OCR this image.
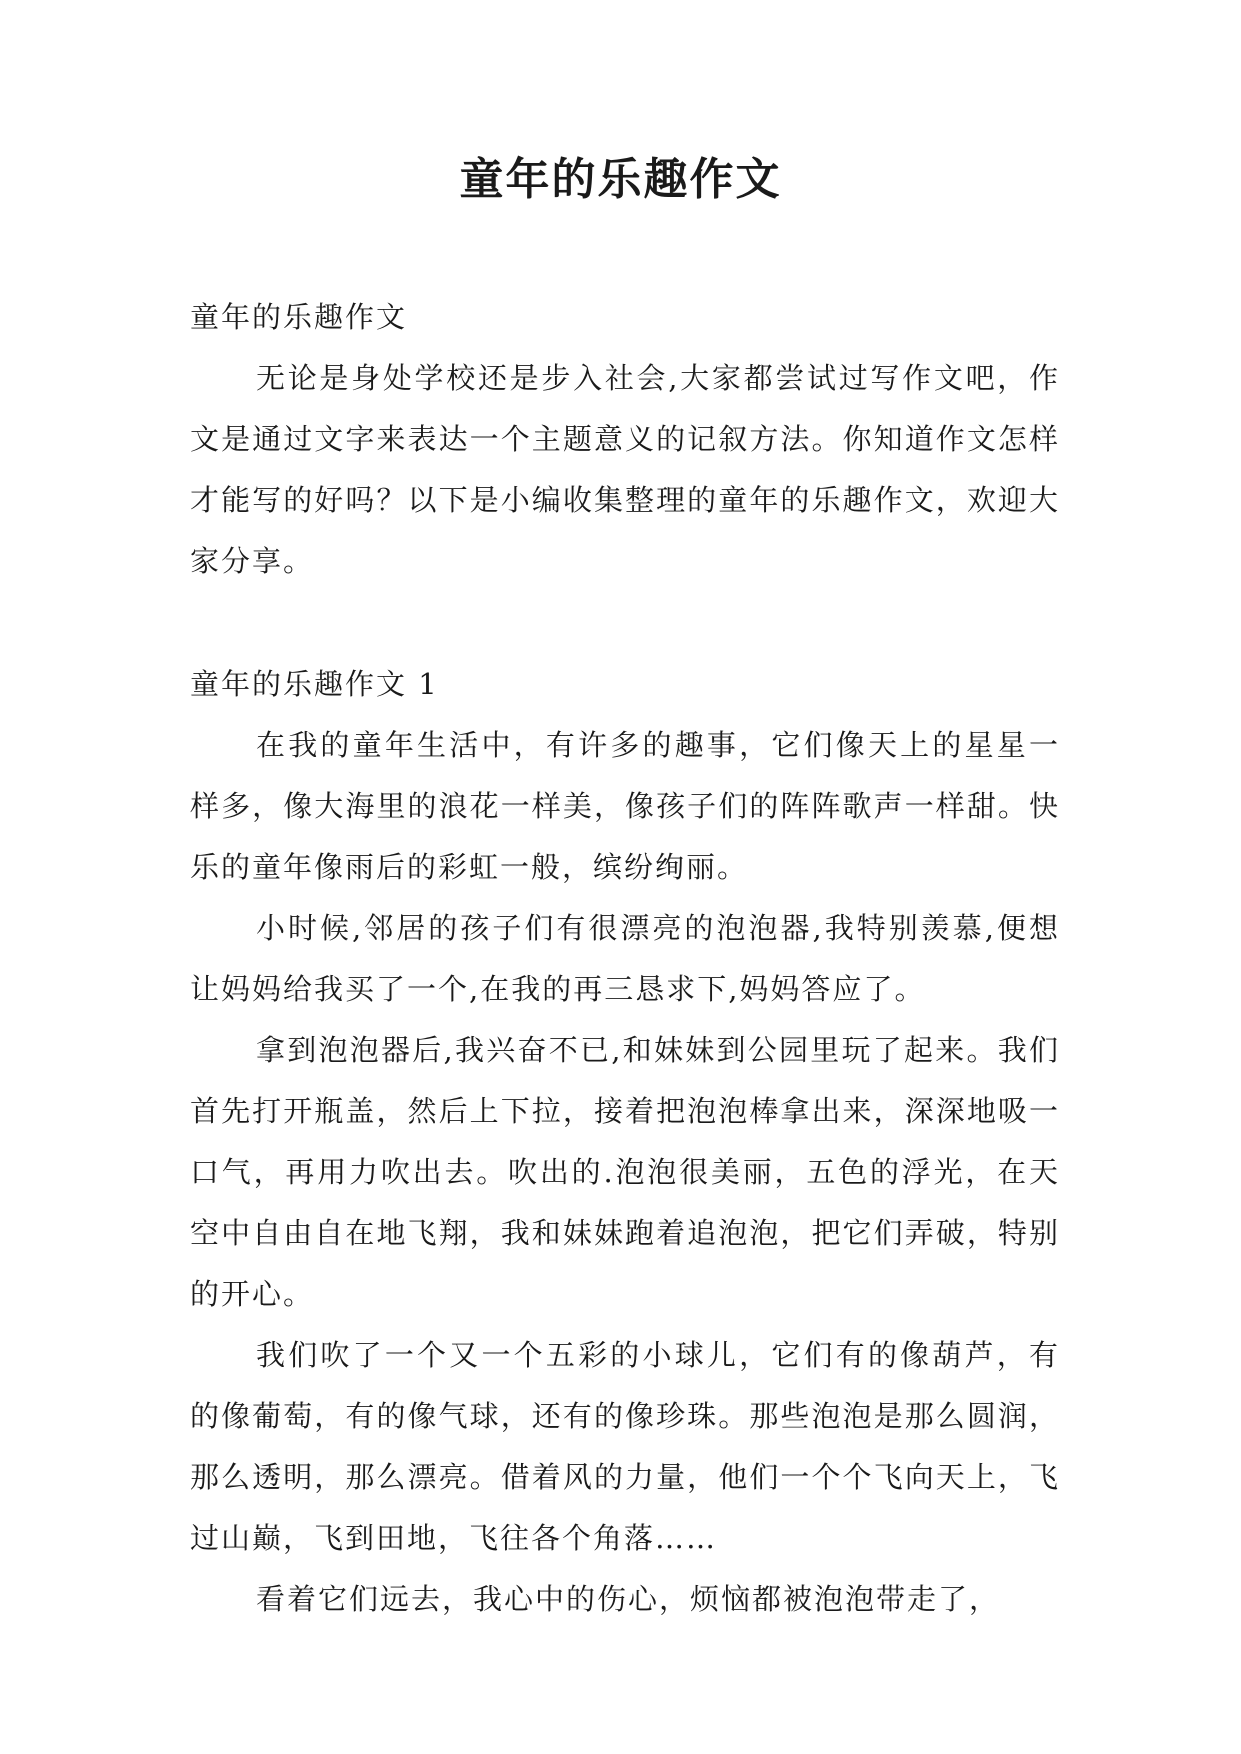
童年的乐趣作文

童年的乐趣作文

无论是身处学校还是步入社会,大家都尝试过写作文吧，作文是通过文字来表达一个主题意义的记叙方法。你知道作文怎样才能写的好吗？以下是小编收集整理的童年的乐趣作文，欢迎大家分享。

童年的乐趣作文 1

在我的童年生活中，有许多的趣事，它们像天上的星星一样多，像大海里的浪花一样美，像孩子们的阵阵歌声一样甜。快乐的童年像雨后的彩虹一般，缤纷绚丽。

小时候,邻居的孩子们有很漂亮的泡泡器,我特别羡慕,便想让妈妈给我买了一个,在我的再三恳求下,妈妈答应了。

拿到泡泡器后,我兴奋不已,和妹妹到公园里玩了起来。我们首先打开瓶盖，然后上下拉，接着把泡泡棒拿出来，深深地吸一口气，再用力吹出去。吹出的.泡泡很美丽，五色的浮光，在天空中自由自在地飞翔，我和妹妹跑着追泡泡，把它们弄破，特别的开心。

我们吹了一个又一个五彩的小球儿，它们有的像葫芦，有的像葡萄，有的像气球，还有的像珍珠。那些泡泡是那么圆润，那么透明，那么漂亮。借着风的力量，他们一个个飞向天上，飞过山巅，飞到田地，飞往各个角落……

看着它们远去，我心中的伤心，烦恼都被泡泡带走了，
